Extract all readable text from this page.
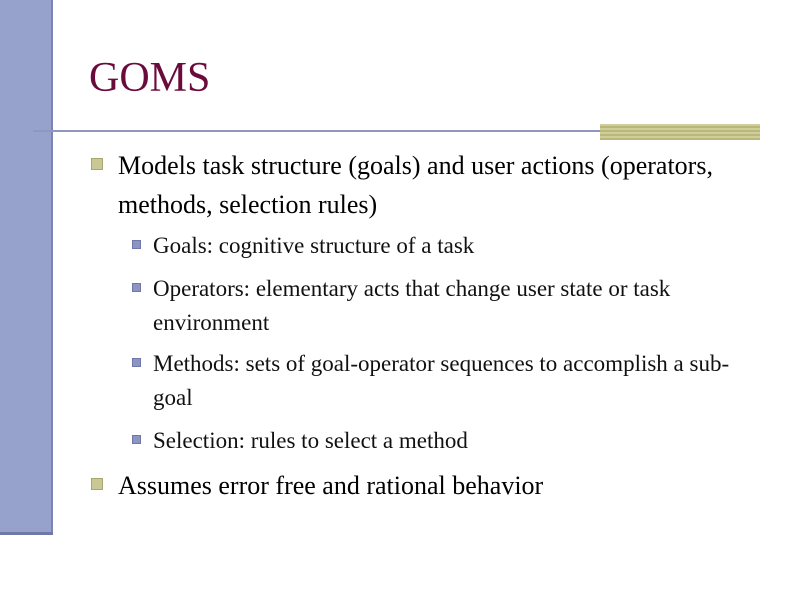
GOMS
Models task structure (goals) and user actions (operators, methods, selection rules)
Goals: cognitive structure of a task
Operators: elementary acts that change user state or task environment
Methods: sets of goal-operator sequences to accomplish a sub-goal
Selection: rules to select a method
Assumes error free and rational behavior
